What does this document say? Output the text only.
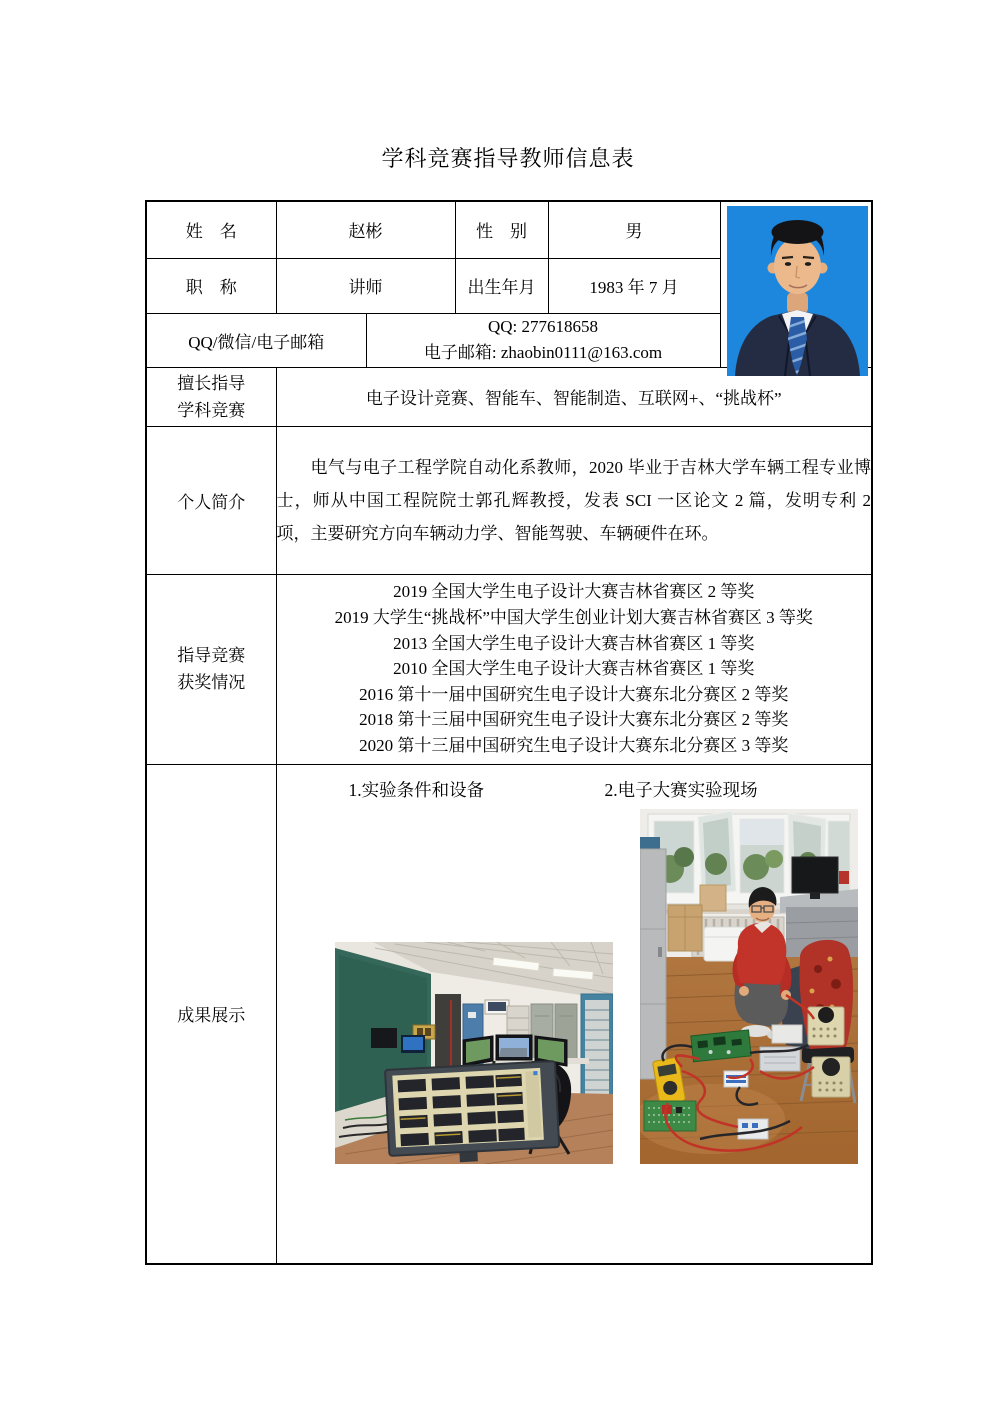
学科竞赛指导教师信息表
姓　名	赵彬		性　别	男	

职　称	讲师		出生年月	1983 年 7 月	
QQ/微信/电子邮箱		QQ: 277618658
电子邮箱: zhaobin0111@163.com			

擅长指导
学科竞赛	电子设计竞赛、智能车、智能制造、互联网+、“挑战杯”				
个人简介	电气与电子工程学院自动化系教师，2020 毕业于吉林大学车辆工程专业博士，师从中国工程院院士郭孔辉教授，发表 SCI 一区论文 2 篇，发明专利 2 项，主要研究方向车辆动力学、智能驾驶、车辆硬件在环。				

指导竞赛
获奖情况

2019 全国大学生电子设计大赛吉林省赛区 2 等奖
2019 大学生“挑战杯”中国大学生创业计划大赛吉林省赛区 3 等奖
2013 全国大学生电子设计大赛吉林省赛区 1 等奖
2010 全国大学生电子设计大赛吉林省赛区 1 等奖
2016 第十一届中国研究生电子设计大赛东北分赛区 2 等奖
2018 第十三届中国研究生电子设计大赛东北分赛区 2 等奖
2020 第十三届中国研究生电子设计大赛东北分赛区 3 等奖

成果展示	1.实验条件和设备 2.电子大赛实验现场				
